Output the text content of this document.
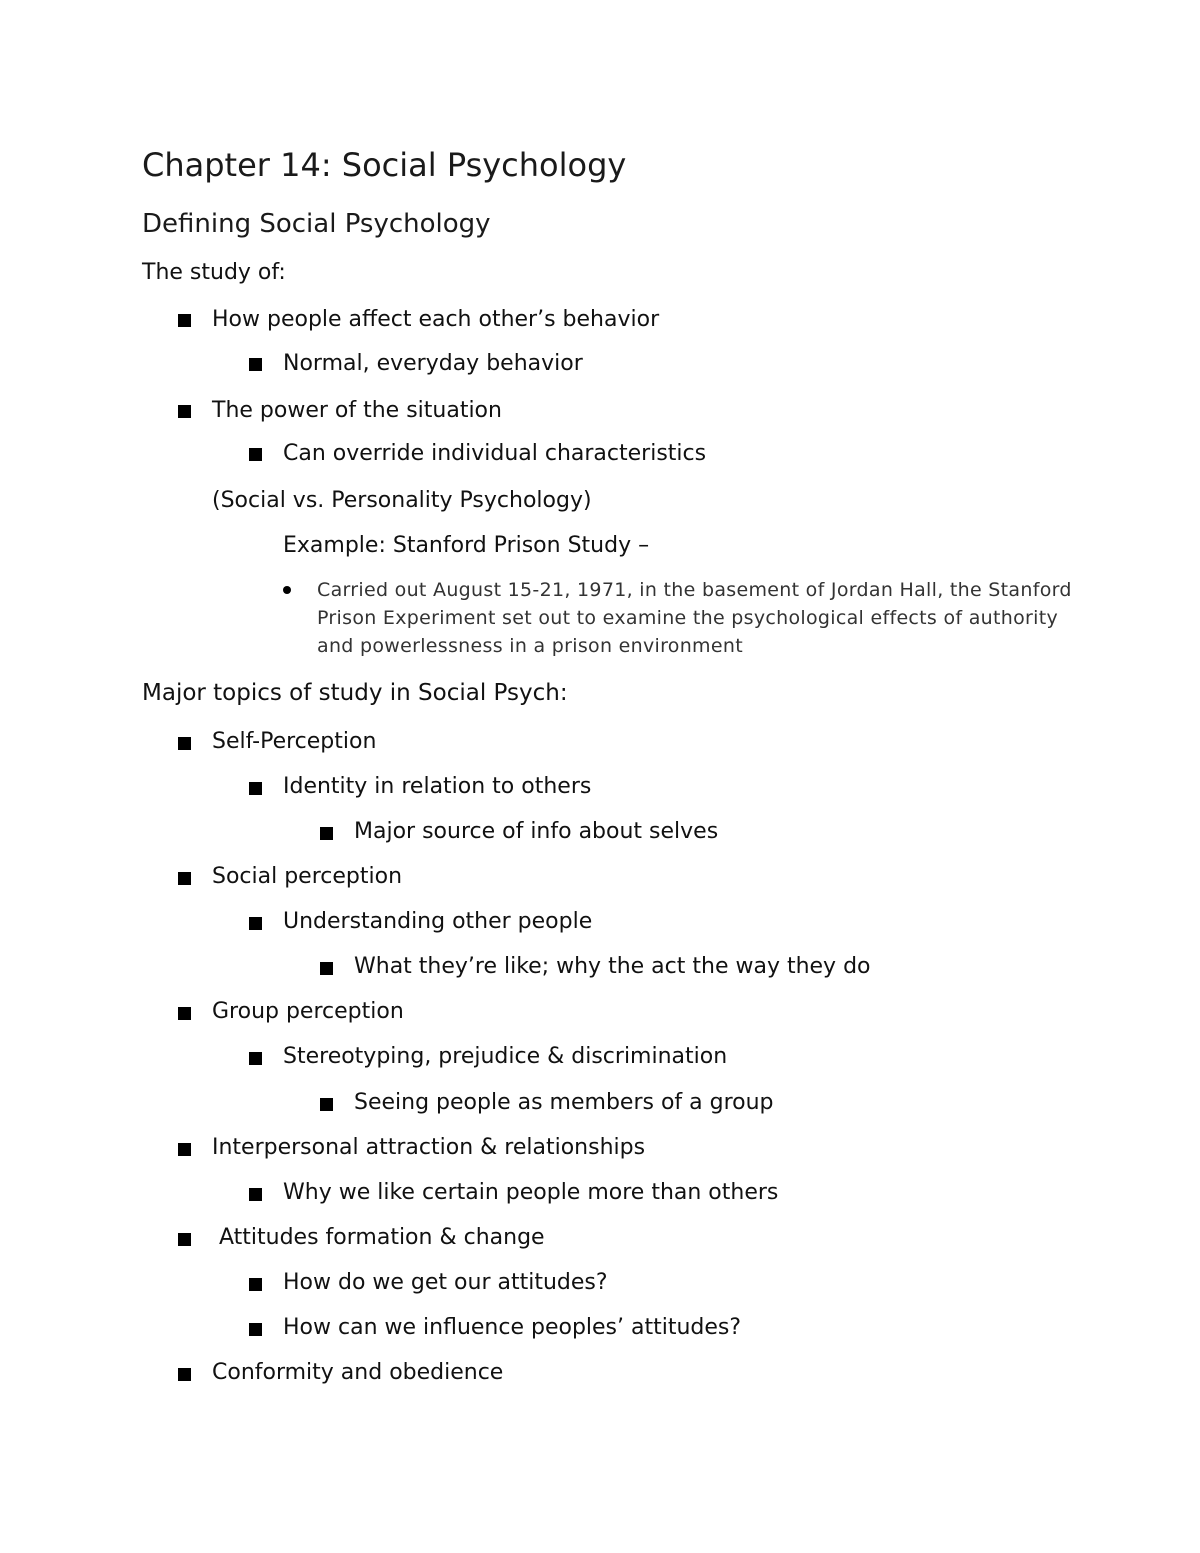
Chapter 14: Social Psychology
Defining Social Psychology
The study of:
How people affect each other’s behavior
Normal, everyday behavior
The power of the situation
Can override individual characteristics
(Social vs. Personality Psychology)
Example: Stanford Prison Study –
Carried out August 15-21, 1971, in the basement of Jordan Hall, the Stanford Prison Experiment set out to examine the psychological effects of authority and powerlessness in a prison environment
Major topics of study in Social Psych:
Self-Perception
Identity in relation to others
Major source of info about selves
Social perception
Understanding other people
What they’re like; why the act the way they do
Group perception
Stereotyping, prejudice & discrimination
Seeing people as members of a group
Interpersonal attraction & relationships
Why we like certain people more than others
Attitudes formation & change
How do we get our attitudes?
How can we influence peoples’ attitudes?
Conformity and obedience
